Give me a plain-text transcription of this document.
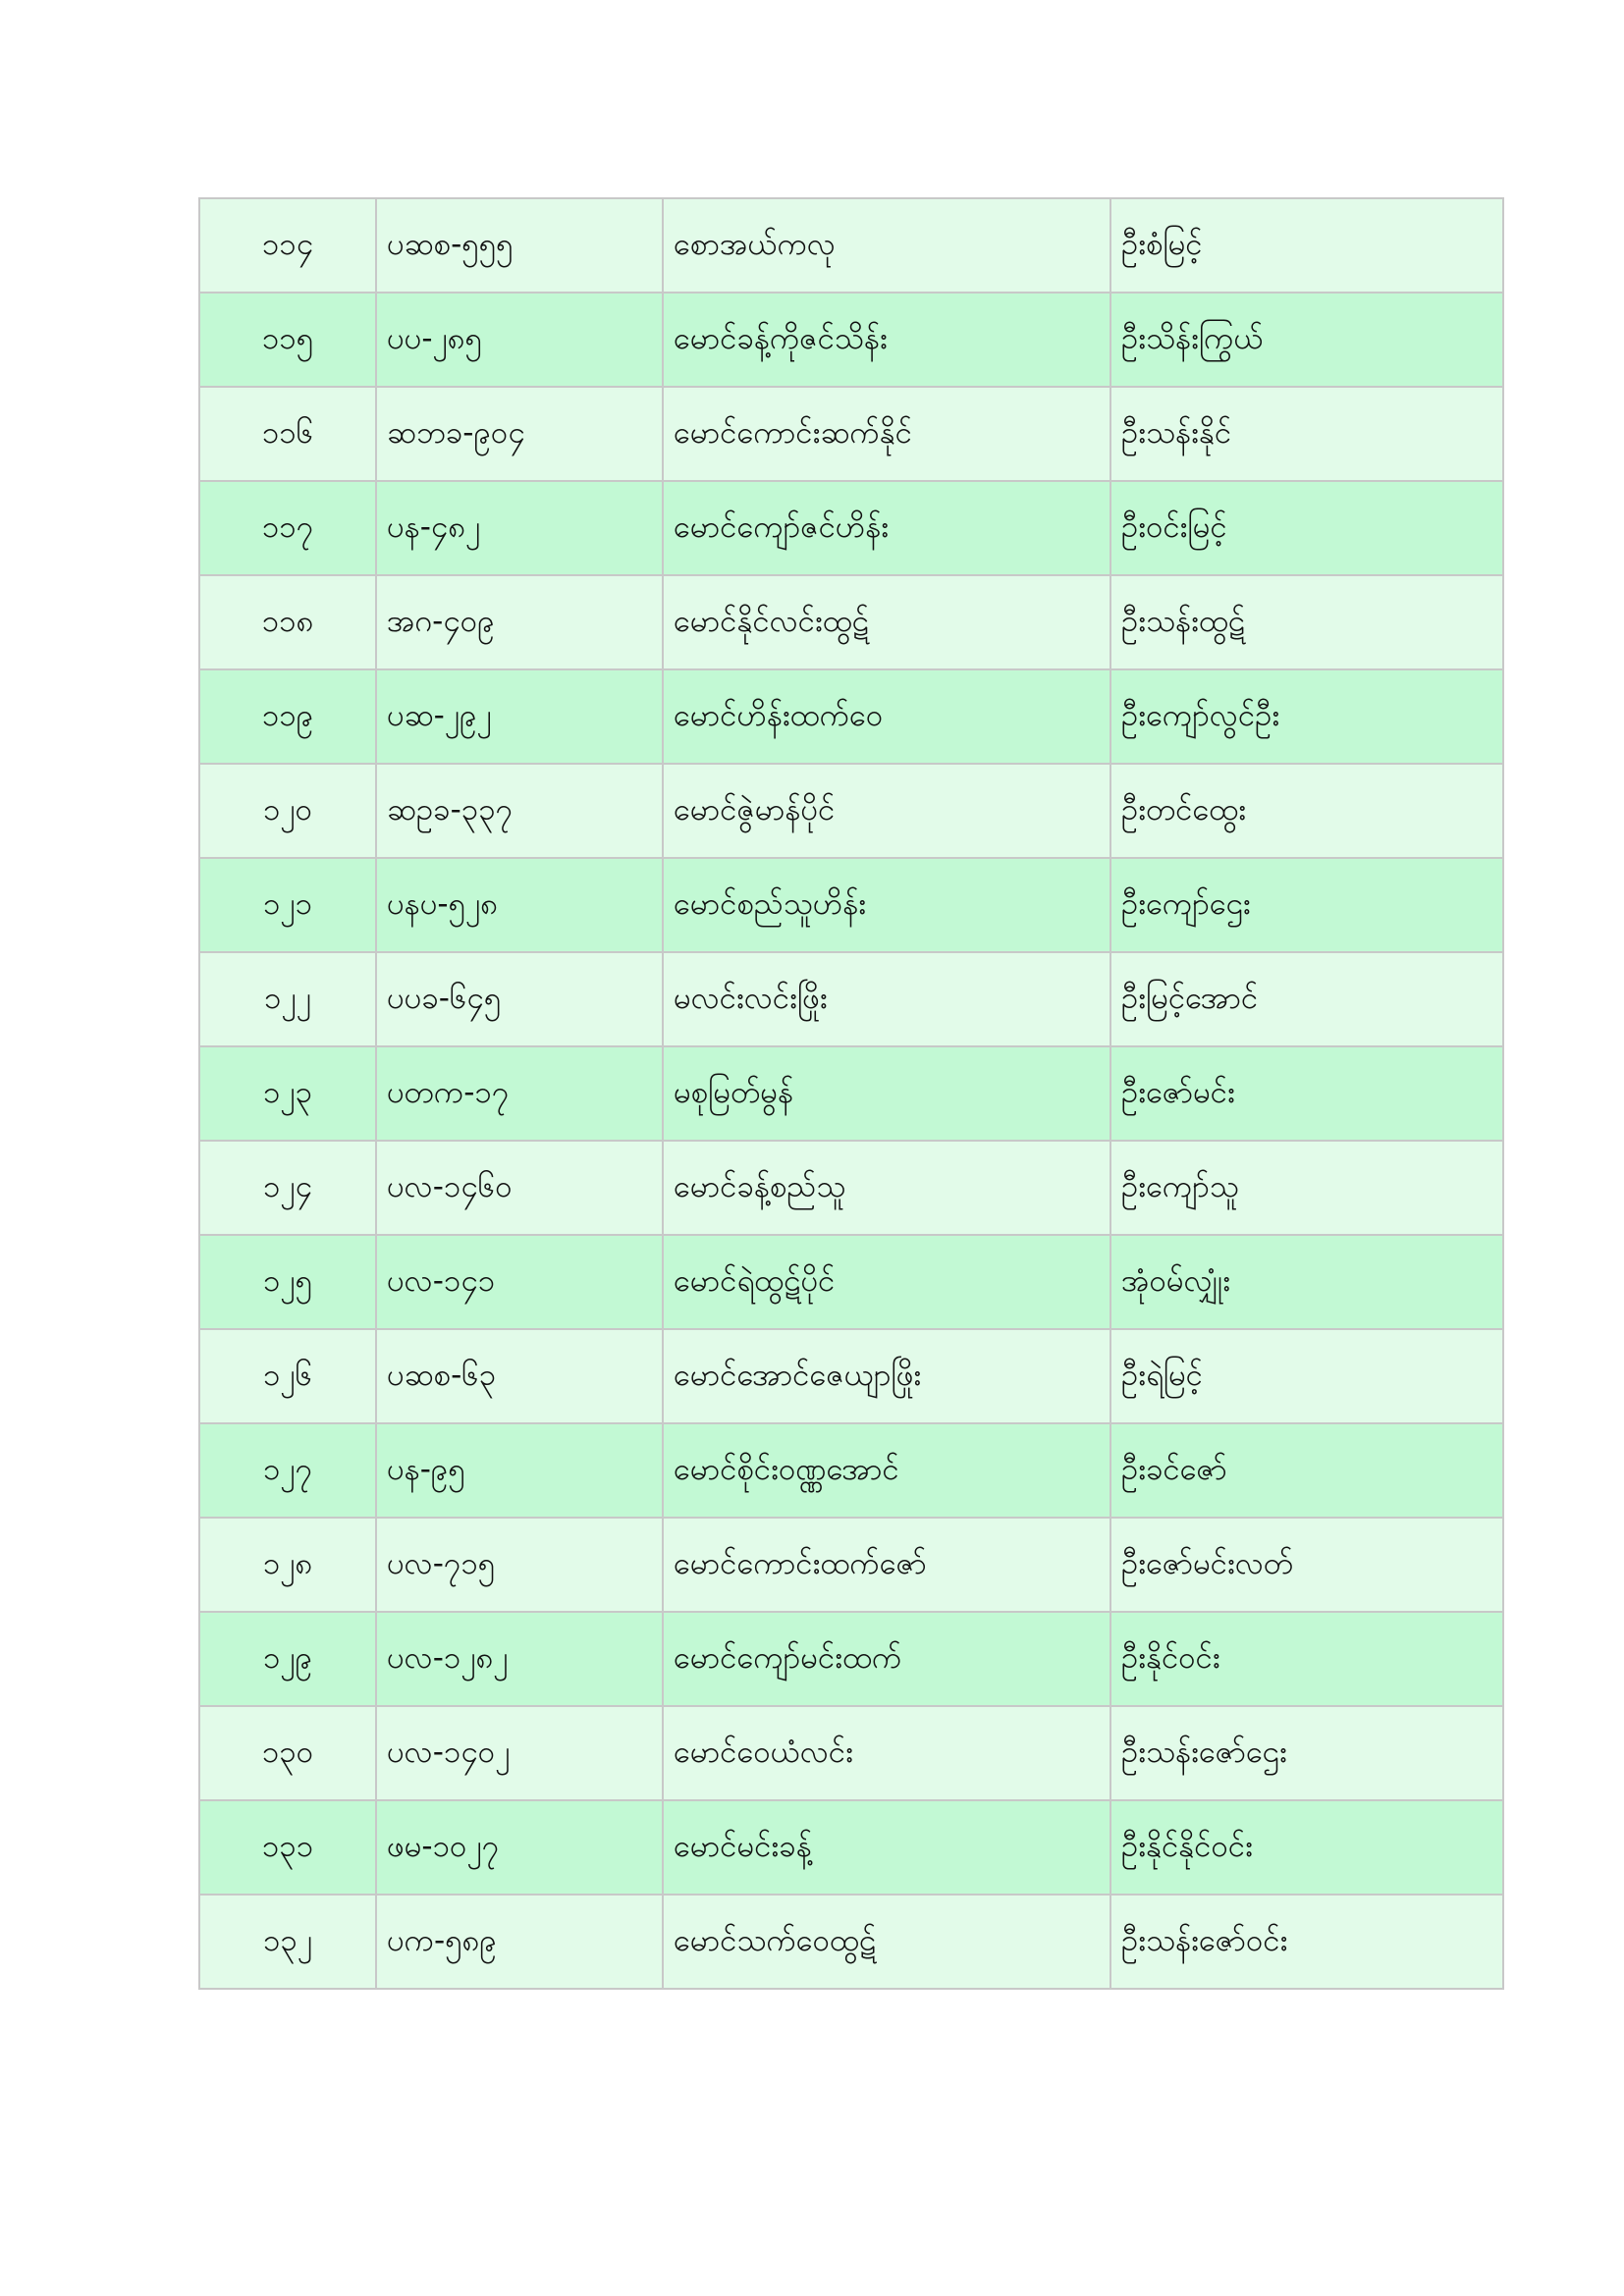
၁၁၄	ပဆစ-၅၅၅	စောအယ်ကလု	ဦးစံမြင့်
၁၁၅	ပပ-၂၈၅	မောင်ခန့်ကိုဇင်သိန်း	ဦးသိန်းကြွယ်
၁၁၆	ဆဘခ-၉၀၄	မောင်ကောင်းဆက်နိုင်	ဦးသန်းနိုင်
၁၁၇	ပန-၄၈၂	မောင်ကျော်ဇင်ဟိန်း	ဦးဝင်းမြင့်
၁၁၈	အဂ-၄၀၉	မောင်နိုင်လင်းထွဋ်	ဦးသန်းထွဋ်
၁၁၉	ပဆ-၂၉၂	မောင်ဟိန်းထက်ဝေ	ဦးကျော်လွင်ဦး
၁၂၀	ဆဥခ-၃၃၇	မောင်ဇွဲမာန်ပိုင်	ဦးတင်ထွေး
၁၂၁	ပနပ-၅၂၈	မောင်စည်သူဟိန်း	ဦးကျော်ဌေး
၁၂၂	ပပခ-၆၄၅	မလင်းလင်းဖြိုး	ဦးမြင့်အောင်
၁၂၃	ပတက-၁၇	မစုမြတ်မွန်	ဦးဇော်မင်း
၁၂၄	ပလ-၁၄၆၀	မောင်ခန့်စည်သူ	ဦးကျော်သူ
၁၂၅	ပလ-၁၄၁	မောင်ရဲထွဋ်ပိုင်	အုံဝမ်လျှုံး
၁၂၆	ပဆစ-၆၃	မောင်အောင်ဇေယျာဖြိုး	ဦးရဲမြင့်
၁၂၇	ပန-၉၅	မောင်စိုင်းဝဏ္ဏအောင်	ဦးခင်ဇော်
၁၂၈	ပလ-၇၁၅	မောင်ကောင်းထက်ဇော်	ဦးဇော်မင်းလတ်
၁၂၉	ပလ-၁၂၈၂	မောင်ကျော်မင်းထက်	ဦးနိုင်ဝင်း
၁၃၀	ပလ-၁၄၀၂	မောင်ဝေယံလင်း	ဦးသန်းဇော်ဌေး
၁၃၁	ဖမ-၁၀၂၇	မောင်မင်းခန့်	ဦးနိုင်နိုင်ဝင်း
၁၃၂	ပက-၅၈၉	မောင်သက်ဝေထွဋ်	ဦးသန်းဇော်ဝင်း
